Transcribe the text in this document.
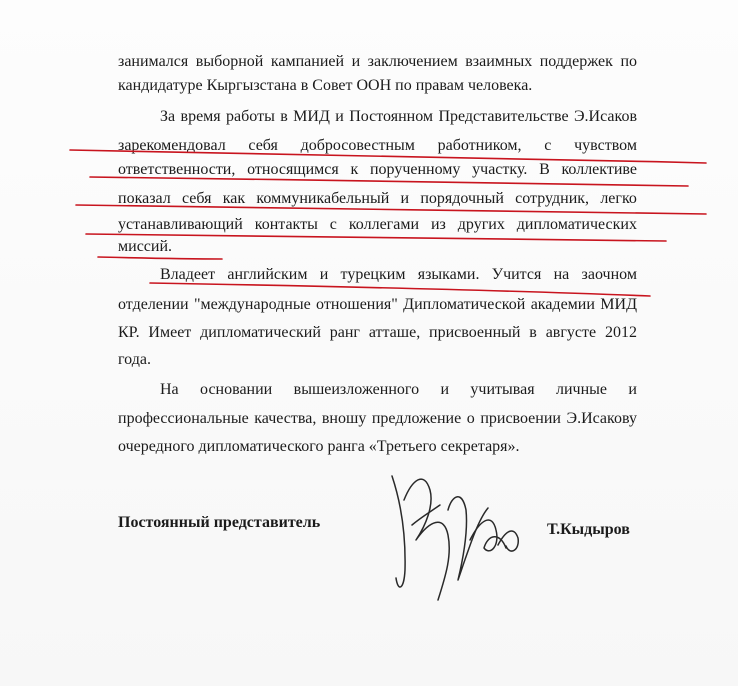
занимался выборной кампанией и заключением взаимных поддержек по
кандидатуре Кыргызстана в Совет ООН по правам человека.
За время работы в МИД и Постоянном Представительстве Э.Исаков
зарекомендовал себя добросовестным работником, с чувством
ответственности, относящимся к порученному участку. В коллективе
показал себя как коммуникабельный и порядочный сотрудник, легко
устанавливающий контакты с коллегами из других дипломатических
миссий.
Владеет английским и турецким языками. Учится на заочном
отделении "международные отношения" Дипломатической академии МИД
КР. Имеет дипломатический ранг атташе, присвоенный в августе 2012
года.
На основании вышеизложенного и учитывая личные и
профессиональные качества, вношу предложение о присвоении Э.Исакову
очередного дипломатического ранга «Третьего секретаря».
Постоянный представитель	Т.Кыдыров
